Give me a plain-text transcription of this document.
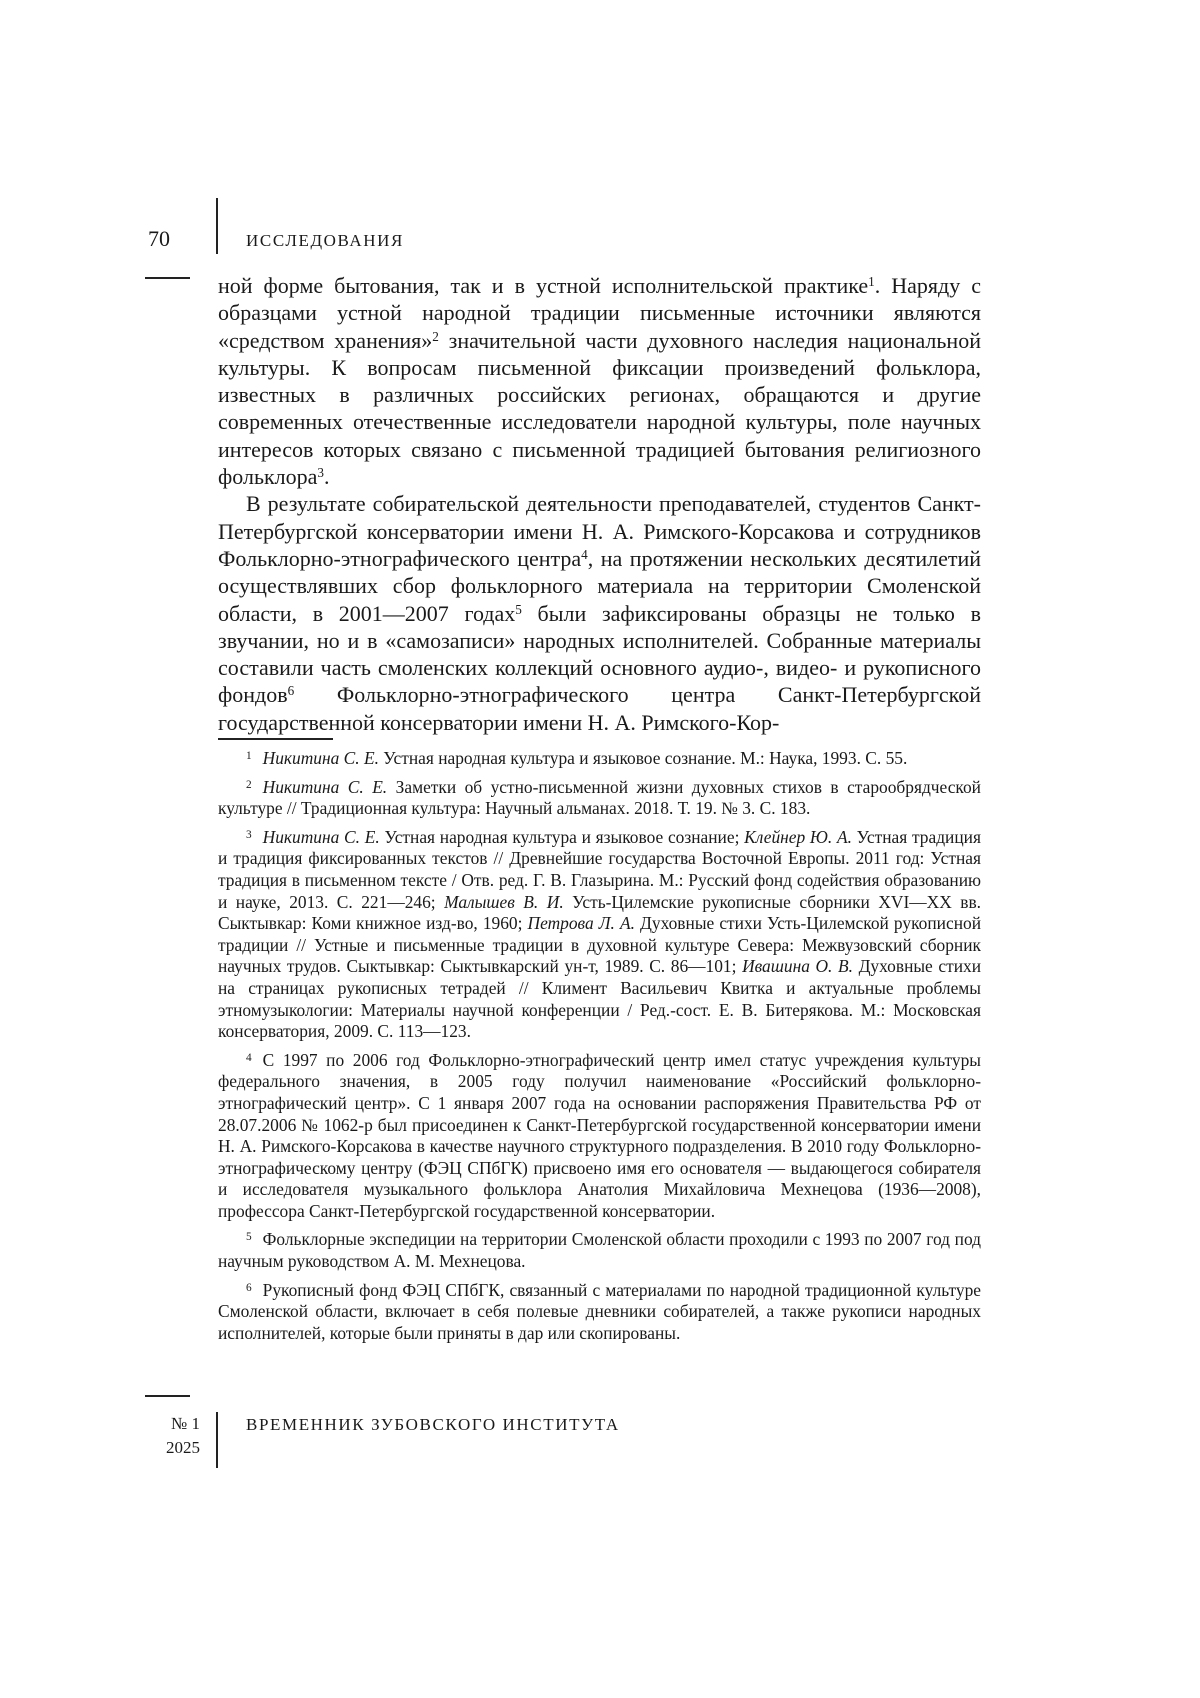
70	ИССЛЕДОВАНИЯ

ной форме бытования, так и в устной исполнительской практике$^1$. Наряду с образцами устной народной традиции письменные источники являются «средством хранения»$^2$ значительной части духовного наследия национальной культуры. К вопросам письменной фиксации произведений фольклора, известных в различных российских регионах, обращаются и другие современных отечественные исследователи народной культуры, поле научных интересов которых связано с письменной традицией бытования религиозного фольклора$^3$.

В результате собирательской деятельности преподавателей, студентов Санкт-Петербургской консерватории имени Н. А. Римского-Корсакова и сотрудников Фольклорно-этнографического центра$^4$, на протяжении нескольких десятилетий осуществлявших сбор фольклорного материала на территории Смоленской области, в 2001—2007 годах$^5$ были зафиксированы образцы не только в звучании, но и в «самозаписи» народных исполнителей. Собранные материалы составили часть смоленских коллекций основного аудио-, видео- и рукописного фондов$^6$ Фольклорно-этнографического центра Санкт-Петербургской государственной консерватории имени Н. А. Римского-Кор-

$^1$ Никитина С. Е. Устная народная культура и языковое сознание. М.: Наука, 1993. С. 55.

$^2$ Никитина С. Е. Заметки об устно-письменной жизни духовных стихов в старообрядческой культуре // Традиционная культура: Научный альманах. 2018. Т. 19. № 3. С. 183.

$^3$ Никитина С. Е. Устная народная культура и языковое сознание; Клейнер Ю. А. Устная традиция и традиция фиксированных текстов // Древнейшие государства Восточной Европы. 2011 год: Устная традиция в письменном тексте / Отв. ред. Г. В. Глазырина. М.: Русский фонд содействия образованию и науке, 2013. С. 221—246; Малышев В. И. Усть-Цилемские рукописные сборники XVI—XX вв. Сыктывкар: Коми книжное изд-во, 1960; Петрова Л. А. Духовные стихи Усть-Цилемской рукописной традиции // Устные и письменные традиции в духовной культуре Севера: Межвузовский сборник научных трудов. Сыктывкар: Сыктывкарский ун-т, 1989. С. 86—101; Ивашина О. В. Духовные стихи на страницах рукописных тетрадей // Климент Васильевич Квитка и актуальные проблемы этномузыкологии: Материалы научной конференции / Ред.-сост. Е. В. Битерякова. М.: Московская консерватория, 2009. С. 113—123.

$^4$ С 1997 по 2006 год Фольклорно-этнографический центр имел статус учреждения культуры федерального значения, в 2005 году получил наименование «Российский фольклорно-этнографический центр». С 1 января 2007 года на основании распоряжения Правительства РФ от 28.07.2006 № 1062-р был присоединен к Санкт-Петербургской государственной консерватории имени Н. А. Римского-Корсакова в качестве научного структурного подразделения. В 2010 году Фольклорно-этнографическому центру (ФЭЦ СПбГК) присвоено имя его основателя — выдающегося собирателя и исследователя музыкального фольклора Анатолия Михайловича Мехнецова (1936—2008), профессора Санкт-Петербургской государственной консерватории.

$^5$ Фольклорные экспедиции на территории Смоленской области проходили с 1993 по 2007 год под научным руководством А. М. Мехнецова.

$^6$ Рукописный фонд ФЭЦ СПбГК, связанный с материалами по народной традиционной культуре Смоленской области, включает в себя полевые дневники собирателей, а также рукописи народных исполнителей, которые были приняты в дар или скопированы.

№ 1
2025
ВРЕМЕННИК ЗУБОВСКОГО ИНСТИТУТА
